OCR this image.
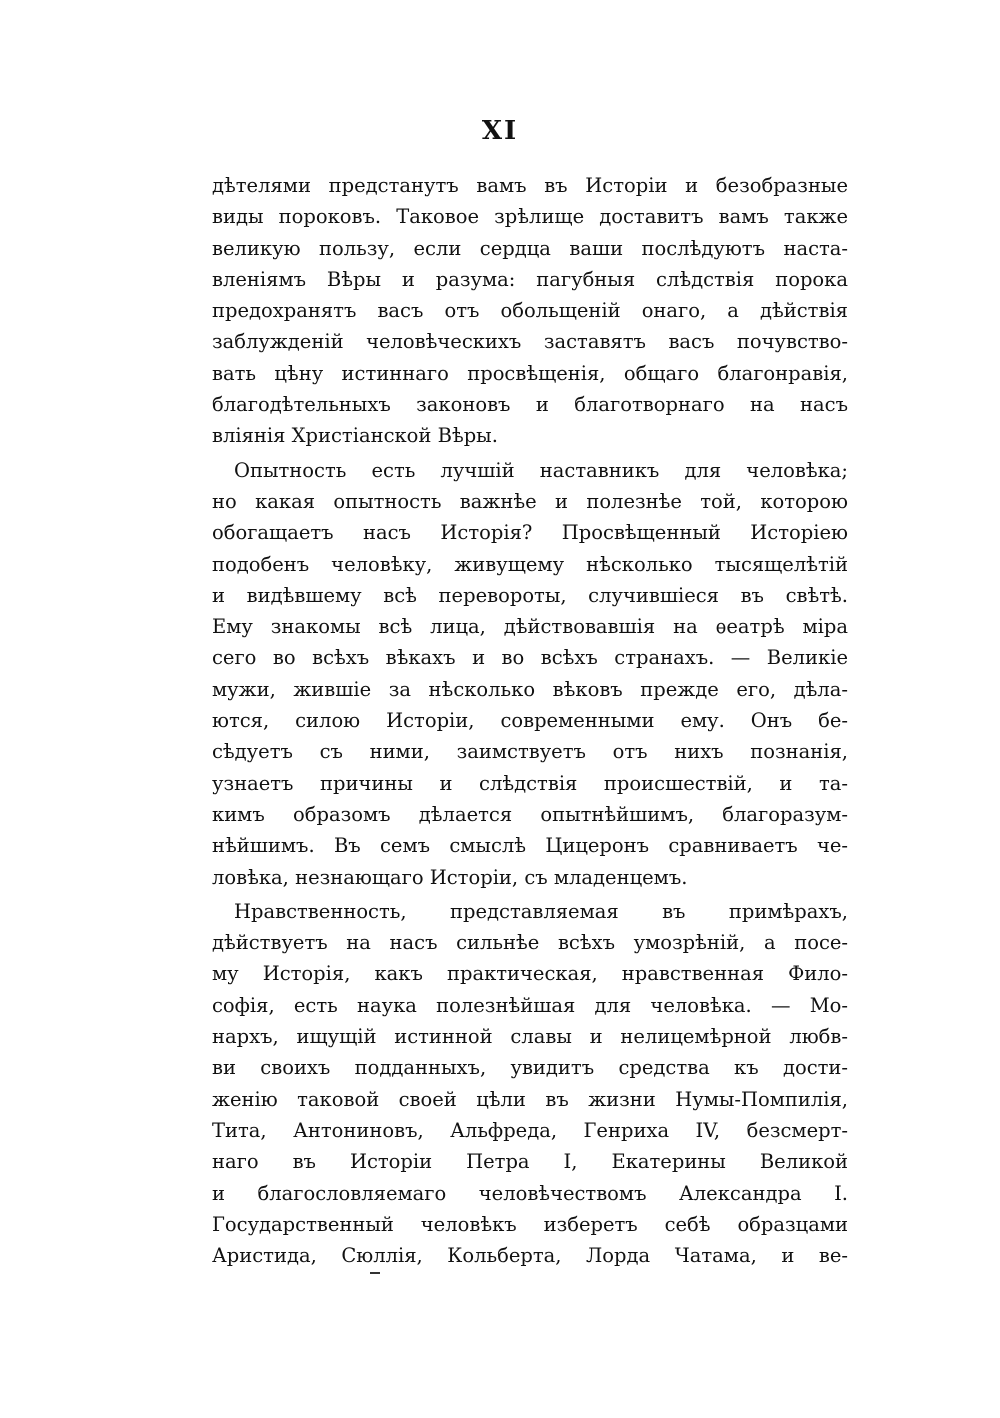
XI
дѣтелями предстанутъ вамъ въ Исторіи и безобразные
виды пороковъ. Таковое зрѣлище доставитъ вамъ также
великую пользу, если сердца ваши послѣдуютъ наста-
вленіямъ Вѣры и разума: пагубныя слѣдствія порока
предохранятъ васъ отъ обольщеній онаго, а дѣйствія
заблужденій человѣческихъ заставятъ васъ почувство-
вать цѣну истиннаго просвѣщенія, общаго благонравія,
благодѣтельныхъ законовъ и благотворнаго на насъ
вліянія Христіанской Вѣры.
Опытность есть лучшій наставникъ для человѣка;
но какая опытность важнѣе и полезнѣе той, которою
обогащаетъ насъ Исторія? Просвѣщенный Исторіею
подобенъ человѣку, живущему нѣсколько тысящелѣтій
и видѣвшему всѣ перевороты, случившіеся въ свѣтѣ.
Ему знакомы всѣ лица, дѣйствовавшія на ѳеатрѣ міра
сего во всѣхъ вѣкахъ и во всѣхъ странахъ. — Великіе
мужи, жившіе за нѣсколько вѣковъ прежде его, дѣла-
ются, силою Исторіи, современными ему. Онъ бе-
сѣдуетъ съ ними, заимствуетъ отъ нихъ познанія,
узнаетъ причины и слѣдствія происшествій, и та-
кимъ образомъ дѣлается опытнѣйшимъ, благоразум-
нѣйшимъ. Въ семъ смыслѣ Цицеронъ сравниваетъ че-
ловѣка, незнающаго Исторіи, съ младенцемъ.
Нравственность, представляемая въ примѣрахъ,
дѣйствуетъ на насъ сильнѣе всѣхъ умозрѣній, а посе-
му Исторія, какъ практическая, нравственная Фило-
софія, есть наука полезнѣйшая для человѣка. — Мо-
нархъ, ищущій истинной славы и нелицемѣрной любв-
ви своихъ подданныхъ, увидитъ средства къ дости-
женію таковой своей цѣли въ жизни Нумы-Помпилія,
Тита, Антониновъ, Альфреда, Генриха IV, безсмерт-
наго въ Исторіи Петра I, Екатерины Великой
и благословляемаго человѣчествомъ Александра I.
Государственный человѣкъ изберетъ себѣ образцами
Аристида, Сюллія, Кольберта, Лорда Чатама, и ве-
